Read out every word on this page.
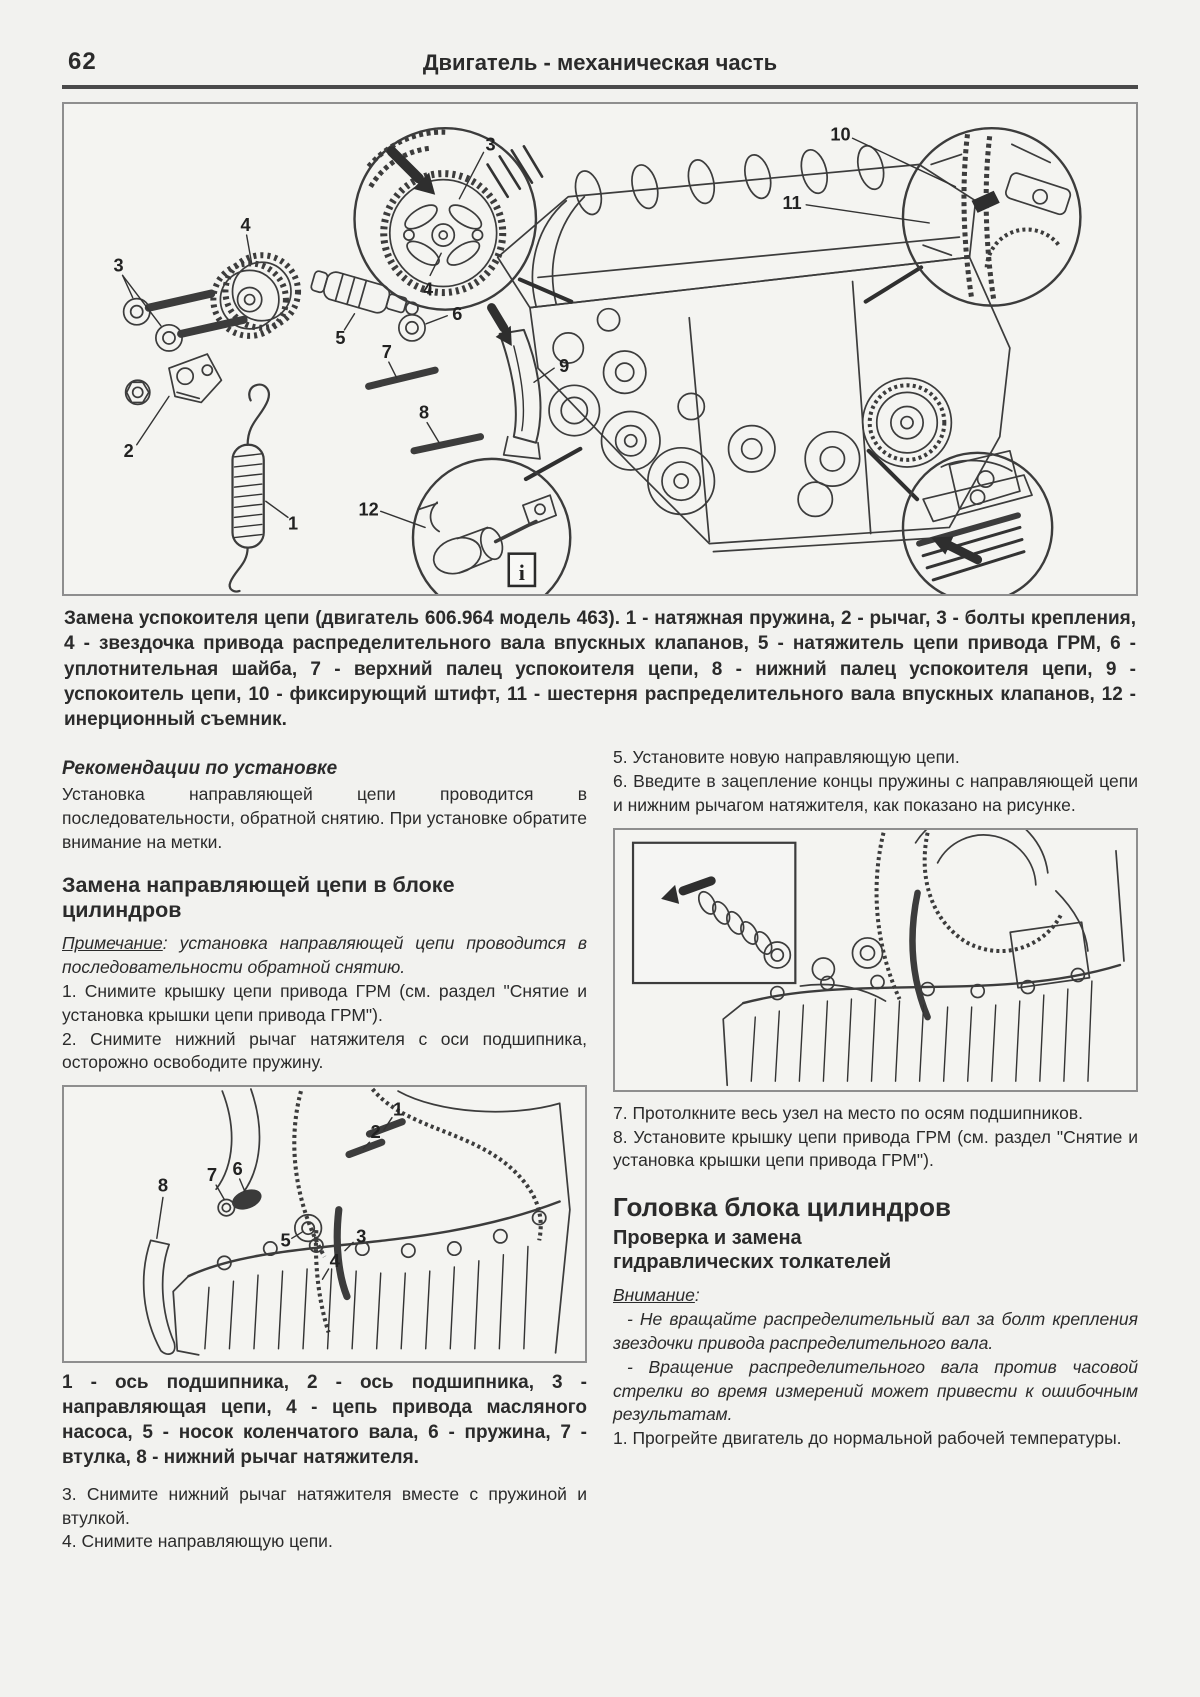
62	Двигатель - механическая часть
3
4
10
11
i
12
3
4
2
1
5
6
7
8
9

Замена успокоителя цепи (двигатель 606.964 модель 463). 1 - натяжная пружина, 2 - рычаг, 3 - болты крепления, 4 - звездочка привода распределительного вала впускных клапанов, 5 - натяжитель цепи привода ГРМ, 6 - уплотнительная шайба, 7 - верхний палец успокоителя цепи, 8 - нижний палец успокоителя цепи, 9 - успокоитель цепи, 10 - фиксирующий штифт, 11 - шестерня распределительного вала впускных клапанов, 12 - инерционный съемник.

Рекомендации по установке

Установка направляющей цепи проводится в последовательности, обратной снятию. При установке обратите внимание на метки.

Замена направляющей цепи в блоке цилиндров

Примечание: установка направляющей цепи проводится в последовательности обратной снятию.

1. Снимите крышку цепи привода ГРМ (см. раздел "Снятие и установка крышки цепи привода ГРМ").

2. Снимите нижний рычаг натяжителя с оси подшипника, осторожно освободите пружину.

1
2
3
4
5
6
7
8

1 - ось подшипника, 2 - ось подшипника, 3 - направляющая цепи, 4 - цепь привода масляного насоса, 5 - носок коленчатого вала, 6 - пружина, 7 - втулка, 8 - нижний рычаг натяжителя.

3. Снимите нижний рычаг натяжителя вместе с пружиной и втулкой.

4. Снимите направляющую цепи.

5. Установите новую направляющую цепи.

6. Введите в зацепление концы пружины с направляющей цепи и нижним рычагом натяжителя, как показано на рисунке.

7. Протолкните весь узел на место по осям подшипников.

8. Установите крышку цепи привода ГРМ (см. раздел "Снятие и установка крышки цепи привода ГРМ").

Головка блока цилиндров
Проверка и замена гидравлических толкателей

Внимание:

- Не вращайте распределительный вал за болт крепления звездочки привода распределительного вала.

- Вращение распределительного вала против часовой стрелки во время измерений может привести к ошибочным результатам.

1. Прогрейте двигатель до нормальной рабочей температуры.
